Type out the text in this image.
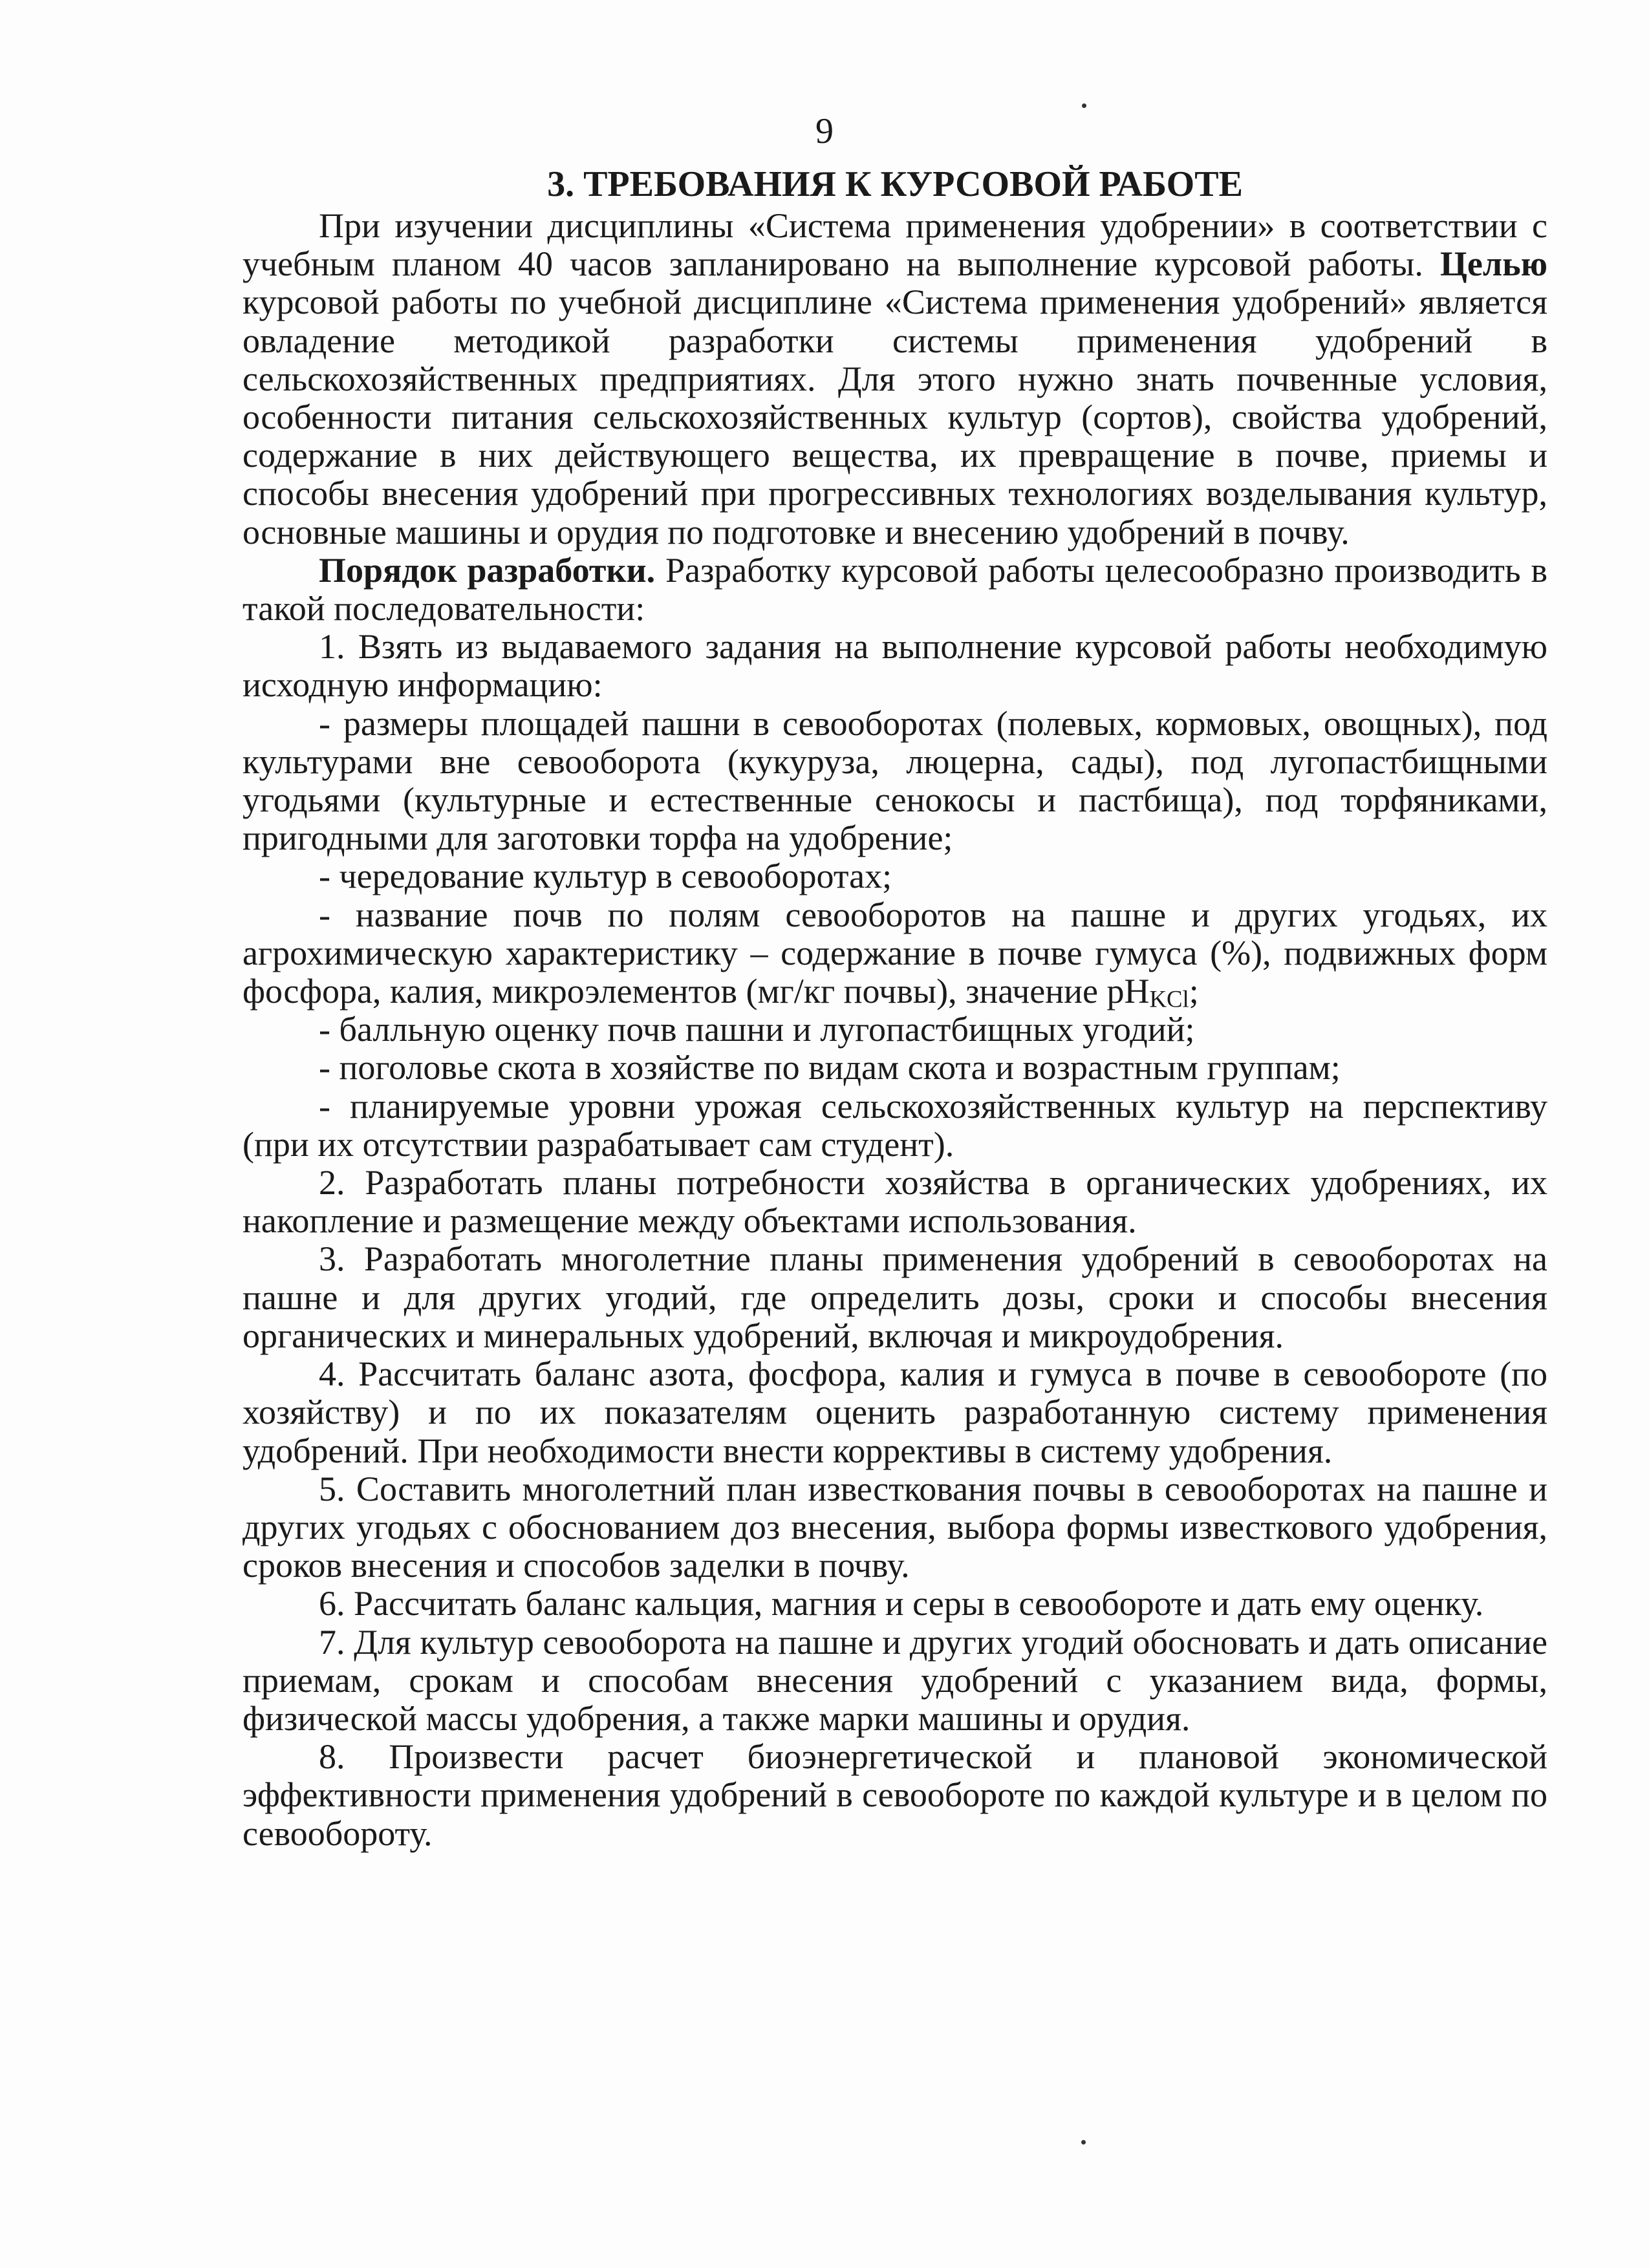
9
3. ТРЕБОВАНИЯ К КУРСОВОЙ РАБОТЕ

При изучении дисциплины «Система применения удобрении» в соответствии с учебным планом 40 часов запланировано на выполнение курсовой работы. Целью курсовой работы по учебной дисциплине «Система применения удобрений» является овладение методикой разработки системы применения удобрений в сельскохозяйственных предприятиях. Для этого нужно знать почвенные условия, особенности питания сельскохозяйственных культур (сортов), свойства удобрений, содержание в них действующего вещества, их превращение в почве, приемы и способы внесения удобрений при прогрессивных технологиях возделывания культур, основные машины и орудия по подготовке и внесению удобрений в почву.

Порядок разработки. Разработку курсовой работы целесообразно производить в такой последовательности:

1. Взять из выдаваемого задания на выполнение курсовой работы необходимую исходную информацию:

- размеры площадей пашни в севооборотах (полевых, кормовых, овощных), под культурами вне севооборота (кукуруза, люцерна, сады), под лугопастбищными угодьями (культурные и естественные сенокосы и пастбища), под торфяниками, пригодными для заготовки торфа на удобрение;

- чередование культур в севооборотах;

- название почв по полям севооборотов на пашне и других угодьях, их агрохимическую характеристику – содержание в почве гумуса (%), подвижных форм фосфора, калия, микроэлементов (мг/кг почвы), значение $pH_{KCl}$;

- балльную оценку почв пашни и лугопастбищных угодий;

- поголовье скота в хозяйстве по видам скота и возрастным группам;

- планируемые уровни урожая сельскохозяйственных культур на перспективу (при их отсутствии разрабатывает сам студент).

2. Разработать планы потребности хозяйства в органических удобрениях, их накопление и размещение между объектами использования.

3. Разработать многолетние планы применения удобрений в севооборотах на пашне и для других угодий, где определить дозы, сроки и способы внесения органических и минеральных удобрений, включая и микроудобрения.

4. Рассчитать баланс азота, фосфора, калия и гумуса в почве в севообороте (по хозяйству) и по их показателям оценить разработанную систему применения удобрений. При необходимости внести коррективы в систему удобрения.

5. Составить многолетний план известкования почвы в севооборотах на пашне и других угодьях с обоснованием доз внесения, выбора формы известкового удобрения, сроков внесения и способов заделки в почву.

6. Рассчитать баланс кальция, магния и серы в севообороте и дать ему оценку.

7. Для культур севооборота на пашне и других угодий обосновать и дать описание приемам, срокам и способам внесения удобрений с указанием вида, формы, физической массы удобрения, а также марки машины и орудия.

8. Произвести расчет биоэнергетической и плановой экономической эффективности применения удобрений в севообороте по каждой культуре и в целом по севообороту.
